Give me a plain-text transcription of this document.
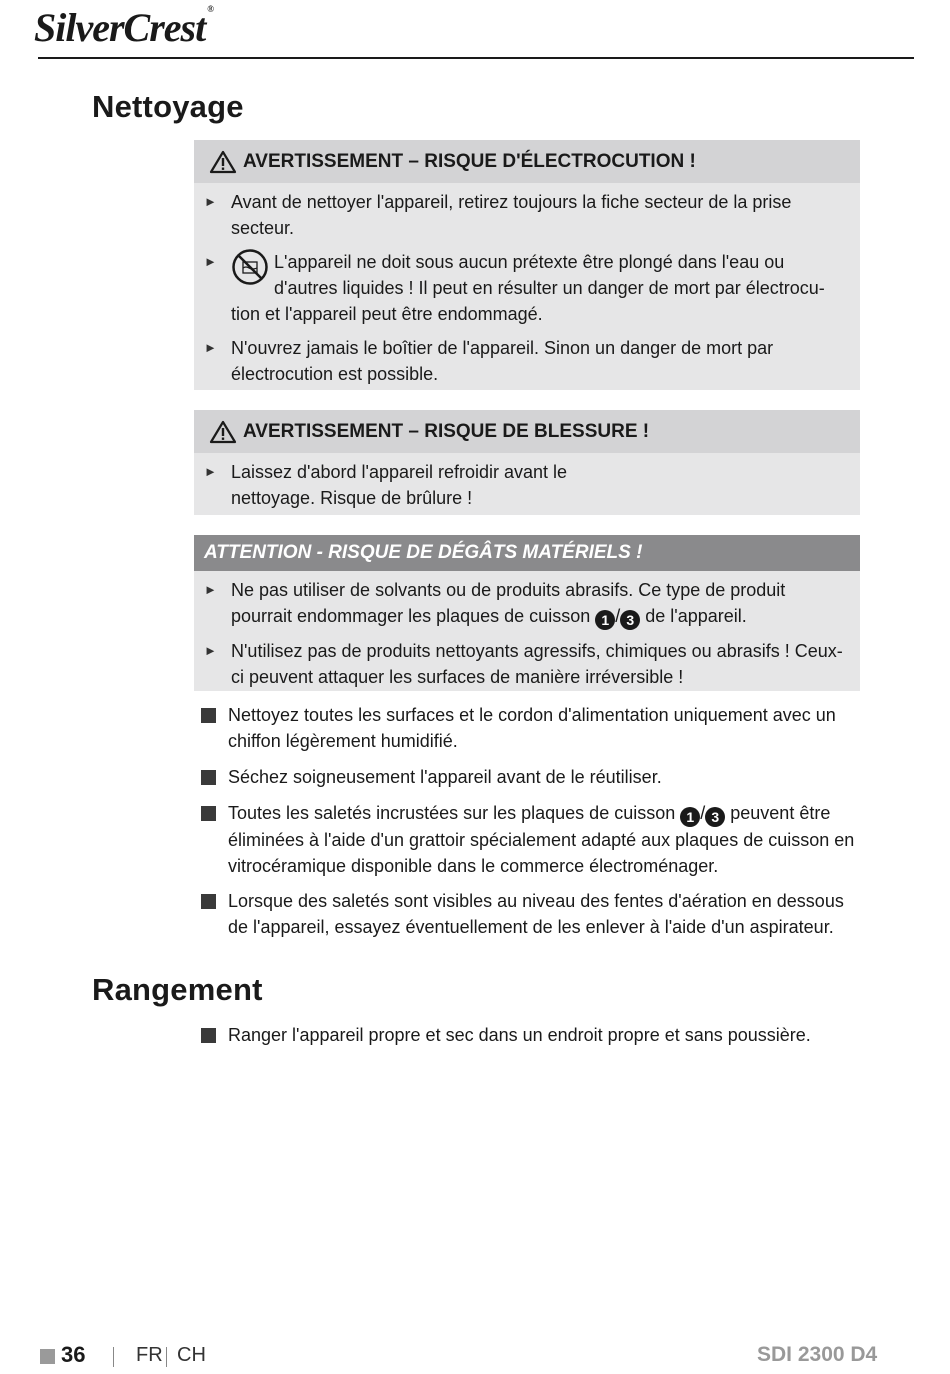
SilverCrest ®
Nettoyage
AVERTISSEMENT – RISQUE D'ÉLECTROCUTION !
► Avant de nettoyer l'appareil, retirez toujours la fiche secteur de la prise secteur.
►	L'appareil ne doit sous aucun prétexte être plongé dans l'eau ou d'autres liquides ! Il peut en résulter un danger de mort par électrocu-tion et l'appareil peut être endommagé.
► N'ouvrez jamais le boîtier de l'appareil. Sinon un danger de mort par électrocution est possible.
AVERTISSEMENT – RISQUE DE BLESSURE !
► Laissez d'abord l'appareil refroidir avant le nettoyage. Risque de brûlure !
ATTENTION - RISQUE DE DÉGÂTS MATÉRIELS !
► Ne pas utiliser de solvants ou de produits abrasifs. Ce type de produit pourrait endommager les plaques de cuisson 1 / 3 de l'appareil.
► N'utilisez pas de produits nettoyants agressifs, chimiques ou abrasifs ! Ceux-ci peuvent attaquer les surfaces de manière irréversible !
Nettoyez toutes les surfaces et le cordon d'alimentation uniquement avec un chiffon légèrement humidifié.
Séchez soigneusement l'appareil avant de le réutiliser.
Toutes les saletés incrustées sur les plaques de cuisson 1 / 3 peuvent être éliminées à l'aide d'un grattoir spécialement adapté aux plaques de cuisson en vitrocéramique disponible dans le commerce électroménager.
Lorsque des saletés sont visibles au niveau des fentes d'aération en dessous de l'appareil, essayez éventuellement de les enlever à l'aide d'un aspirateur.
Rangement
Ranger l'appareil propre et sec dans un endroit propre et sans poussière.
36	FR CH	SDI 2300 D4
